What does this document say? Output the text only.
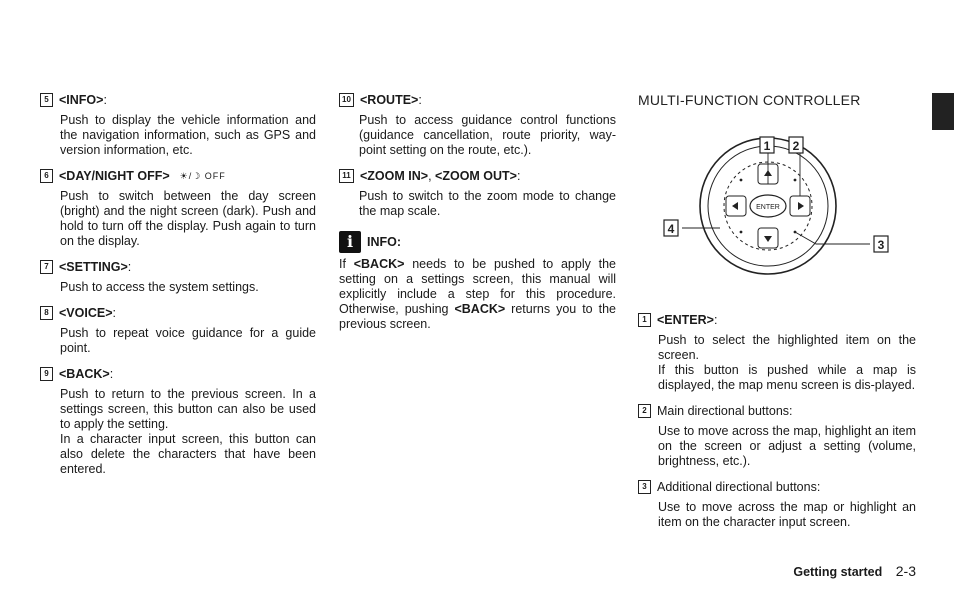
5 <INFO>:

Push to display the vehicle information and the navigation information, such as GPS and version information, etc.

6 <DAY/NIGHT OFF> ☀/☽ OFF

Push to switch between the day screen (bright) and the night screen (dark). Push and hold to turn off the display. Push again to turn on the display.

7 <SETTING>:

Push to access the system settings.

8 <VOICE>:

Push to repeat voice guidance for a guide point.

9 <BACK>:

Push to return to the previous screen. In a settings screen, this button can also be used to apply the setting.

In a character input screen, this button can also delete the characters that have been entered.

10 <ROUTE>:

Push to access guidance control functions (guidance cancellation, route priority, way-point setting on the route, etc.).

11 <ZOOM IN>, <ZOOM OUT>:

Push to switch to the zoom mode to change the map scale.

i	INFO:
If <BACK> needs to be pushed to apply the setting on a settings screen, this manual will explicitly include a step for this procedure. Otherwise, pushing <BACK> returns you to the previous screen.
MULTI-FUNCTION CONTROLLER
ENTER
1 2
3
4
1 <ENTER>:

Push to select the highlighted item on the screen.

If this button is pushed while a map is displayed, the map menu screen is dis-played.

2 Main directional buttons:

Use to move across the map, highlight an item on the screen or adjust a setting (volume, brightness, etc.).

3 Additional directional buttons:

Use to move across the map or highlight an item on the character input screen.

Getting started 2-3
